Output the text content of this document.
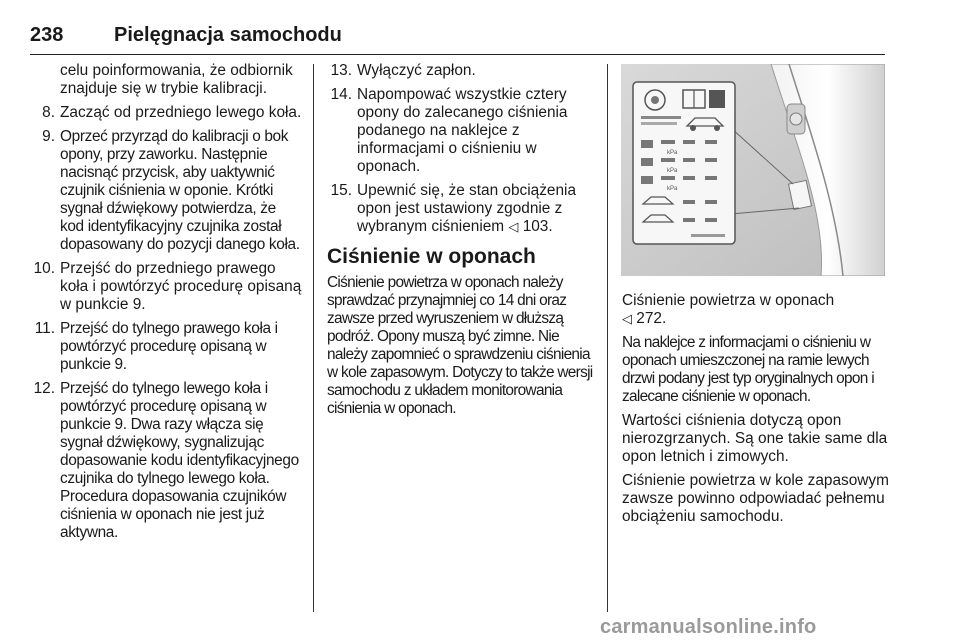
238	Pielęgnacja samochodu
celu poinformowania, że odbiornik znajduje się w trybie kalibracji.
8. Zacząć od przedniego lewego koła.
9. Oprzeć przyrząd do kalibracji o bok opony, przy zaworku. Następnie nacisnąć przycisk, aby uaktywnić czujnik ciśnienia w oponie. Krótki sygnał dźwiękowy potwierdza, że kod identyfikacyjny czujnika został dopasowany do pozycji danego koła.
10. Przejść do przedniego prawego koła i powtórzyć procedurę opisaną w punkcie 9.
11. Przejść do tylnego prawego koła i powtórzyć procedurę opisaną w punkcie 9.
12. Przejść do tylnego lewego koła i powtórzyć procedurę opisaną w punkcie 9. Dwa razy włącza się sygnał dźwiękowy, sygnalizując dopasowanie kodu identyfikacyjnego czujnika do tylnego lewego koła. Procedura dopasowania czujników ciśnienia w oponach nie jest już aktywna.
13. Wyłączyć zapłon.
14. Napompować wszystkie cztery opony do zalecanego ciśnienia podanego na naklejce z informacjami o ciśnieniu w oponach.
15. Upewnić się, że stan obciążenia opon jest ustawiony zgodnie z wybranym ciśnieniem ◁ 103.
Ciśnienie w oponach
Ciśnienie powietrza w oponach należy sprawdzać przynajmniej co 14 dni oraz zawsze przed wyruszeniem w dłuższą podróż. Opony muszą być zimne. Nie należy zapomnieć o sprawdzeniu ciśnienia w kole zapasowym. Dotyczy to także wersji samochodu z układem monitorowania ciśnienia w oponach.
kPa
kPa
kPa
Ciśnienie powietrza w oponach
◁ 272.
Na naklejce z informacjami o ciśnieniu w oponach umieszczonej na ramie lewych drzwi podany jest typ oryginalnych opon i zalecane ciśnienie w oponach.
Wartości ciśnienia dotyczą opon nierozgrzanych. Są one takie same dla opon letnich i zimowych.
Ciśnienie powietrza w kole zapasowym zawsze powinno odpowiadać pełnemu obciążeniu samochodu.
carmanualsonline.info
